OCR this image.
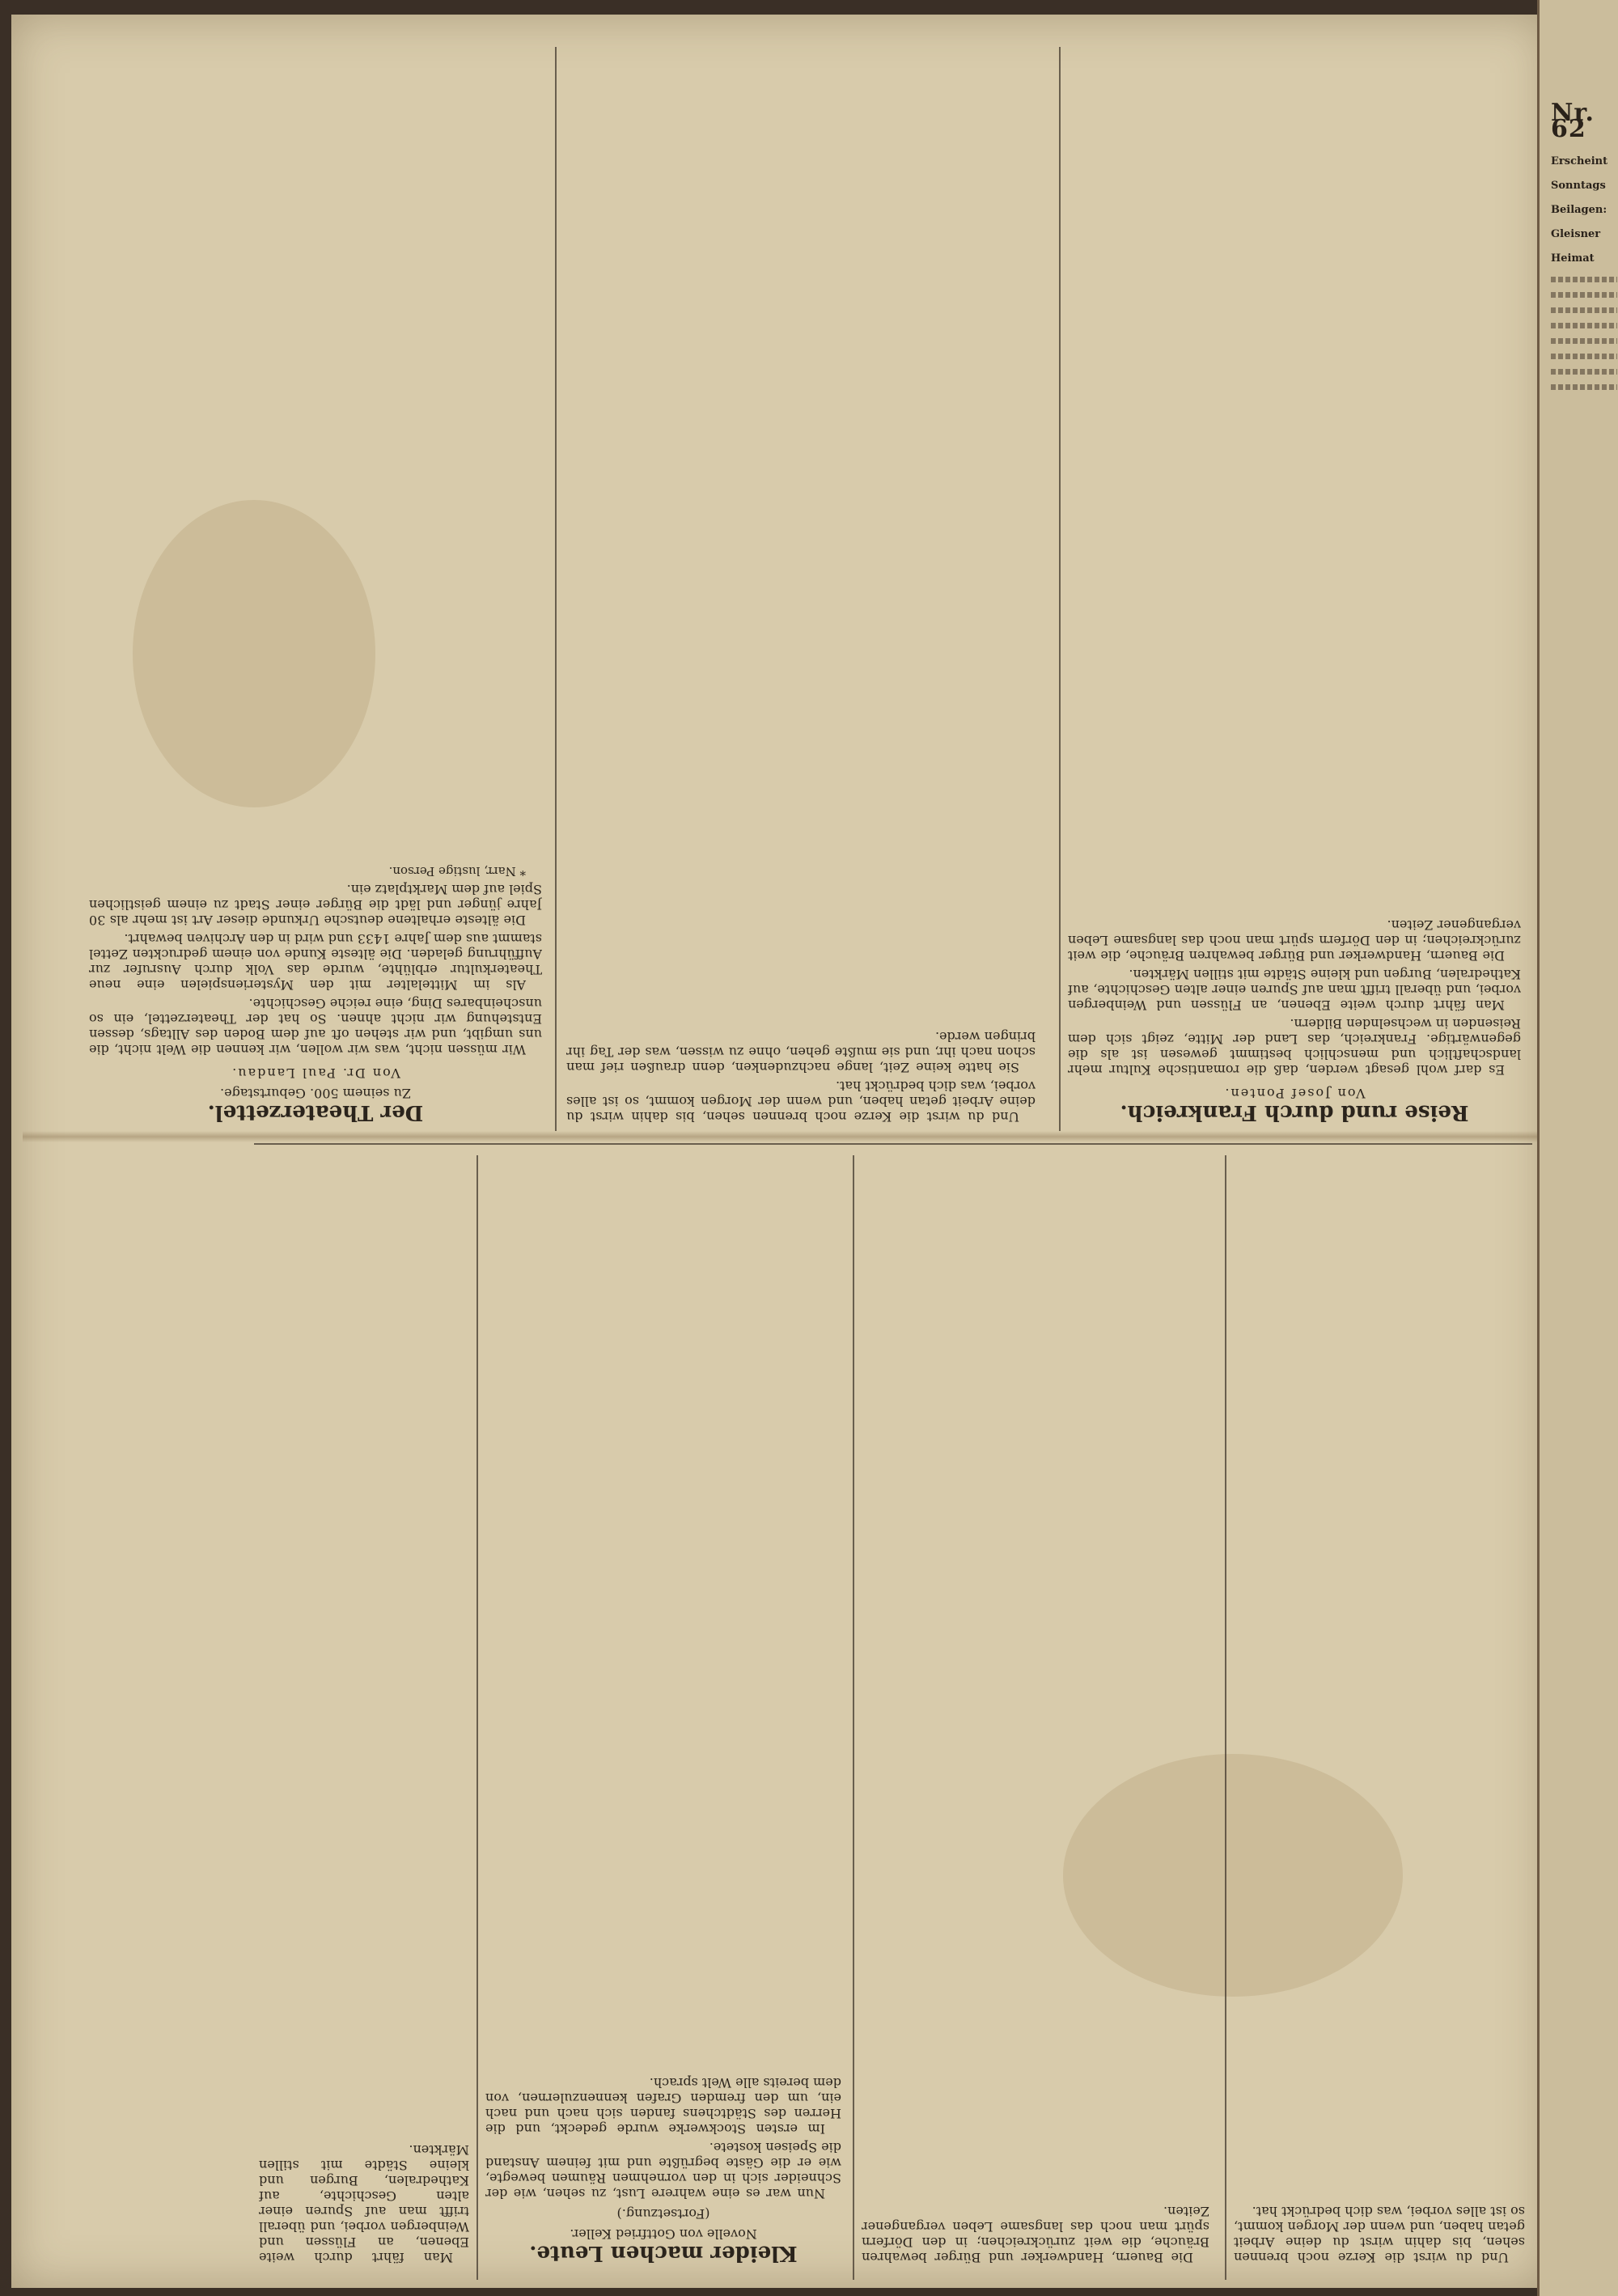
Der Theaterzettel.
Zu seinem 500. Geburtstage.
Von Dr. Paul Landau.

Wir müssen nicht, was wir wollen, wir kennen die Welt nicht, die uns umgibt, und wir stehen oft auf dem Boden des Alltags, dessen Entstehung wir nicht ahnen. So hat der Theaterzettel, ein so unscheinbares Ding, eine reiche Geschichte.

Als im Mittelalter mit den Mysterienspielen eine neue Theaterkultur erblühte, wurde das Volk durch Ausrufer zur Aufführung geladen. Die älteste Kunde von einem gedruckten Zettel stammt aus dem Jahre 1433 und wird in den Archiven bewahrt.

Die älteste erhaltene deutsche Urkunde dieser Art ist mehr als 30 Jahre jünger und lädt die Bürger einer Stadt zu einem geistlichen Spiel auf dem Marktplatz ein.

* Narr, lustige Person.

Und du wirst die Kerze noch brennen sehen, bis dahin wirst du deine Arbeit getan haben, und wenn der Morgen kommt, so ist alles vorbei, was dich bedrückt hat.

Sie hatte keine Zeit, lange nachzudenken, denn draußen rief man schon nach ihr, und sie mußte gehen, ohne zu wissen, was der Tag ihr bringen werde.

Reise rund durch Frankreich.
Von Josef Ponten.

Es darf wohl gesagt werden, daß die romantische Kultur mehr landschaftlich und menschlich bestimmt gewesen ist als die gegenwärtige. Frankreich, das Land der Mitte, zeigt sich dem Reisenden in wechselnden Bildern.

Man fährt durch weite Ebenen, an Flüssen und Weinbergen vorbei, und überall trifft man auf Spuren einer alten Geschichte, auf Kathedralen, Burgen und kleine Städte mit stillen Märkten.

Die Bauern, Handwerker und Bürger bewahren Bräuche, die weit zurückreichen; in den Dörfern spürt man noch das langsame Leben vergangener Zeiten.

Man fährt durch weite Ebenen, an Flüssen und Weinbergen vorbei, und überall trifft man auf Spuren einer alten Geschichte, auf Kathedralen, Burgen und kleine Städte mit stillen Märkten.

Kleider machen Leute.
Novelle von Gottfried Keller.
(Fortsetzung.)

Nun war es eine wahrere Lust, zu sehen, wie der Schneider sich in den vornehmen Räumen bewegte, wie er die Gäste begrüßte und mit feinem Anstand die Speisen kostete.

Im ersten Stockwerke wurde gedeckt, und die Herren des Städtchens fanden sich nach und nach ein, um den fremden Grafen kennenzulernen, von dem bereits alle Welt sprach.

Die Bauern, Handwerker und Bürger bewahren Bräuche, die weit zurückreichen; in den Dörfern spürt man noch das langsame Leben vergangener Zeiten.

Und du wirst die Kerze noch brennen sehen, bis dahin wirst du deine Arbeit getan haben, und wenn der Morgen kommt, so ist alles vorbei, was dich bedrückt hat.

Nr. 62
Erscheint
Sonntags
Beilagen:
Gleisner
Heimat
